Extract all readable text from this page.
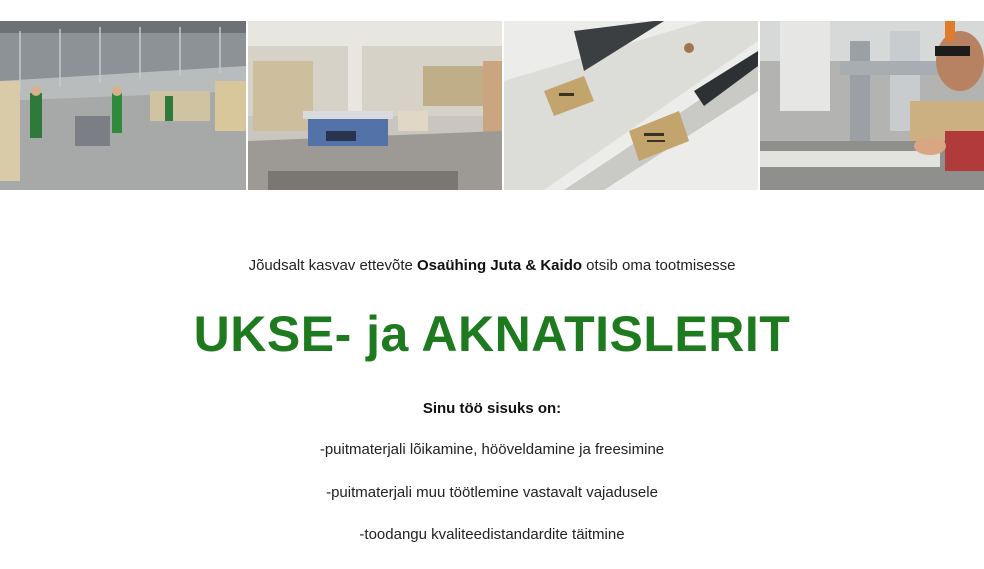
Jõudsalt kasvav ettevõte Osaühing Juta & Kaido otsib oma tootmisesse
UKSE- ja AKNATISLERIT
Sinu töö sisuks on:
-puitmaterjali lõikamine, hööveldamine ja freesimine
-puitmaterjali muu töötlemine vastavalt vajadusele
-toodangu kvaliteedistandardite täitmine
